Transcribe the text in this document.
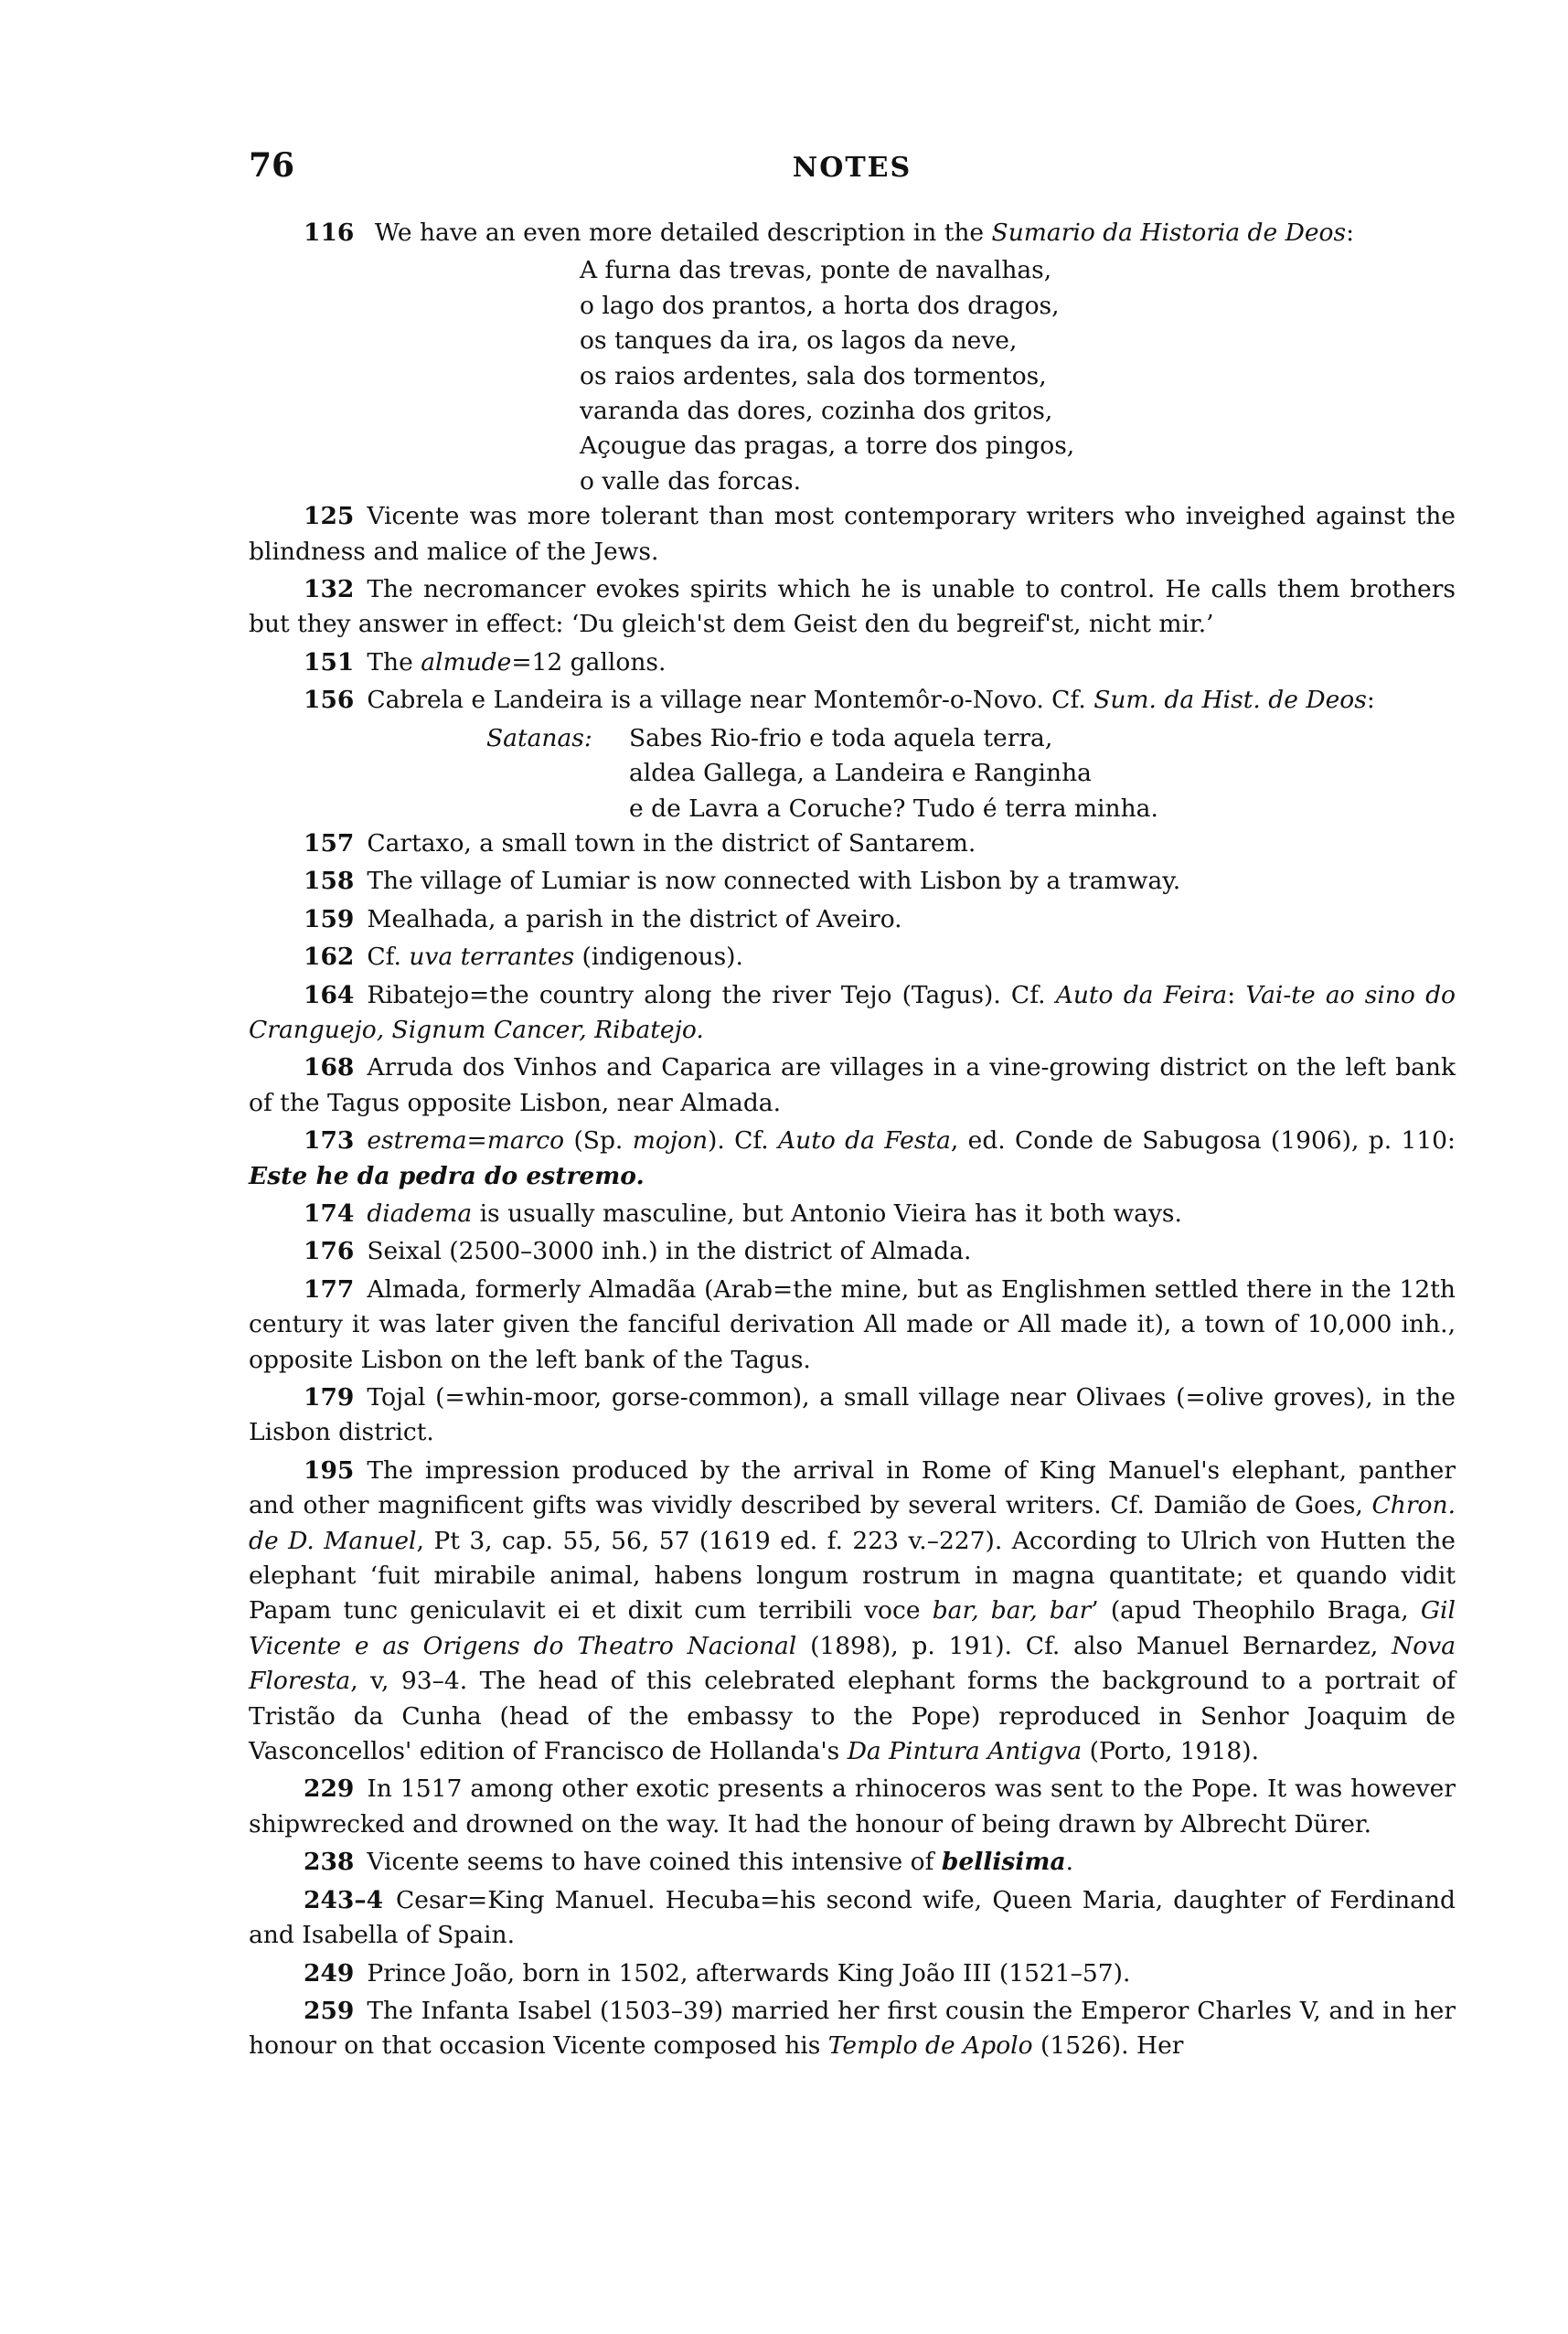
76	NOTES

116 We have an even more detailed description in the Sumario da Historia de Deos:

A furna das trevas, ponte de navalhas,
o lago dos prantos, a horta dos dragos,
os tanques da ira, os lagos da neve,
os raios ardentes, sala dos tormentos,
varanda das dores, cozinha dos gritos,
Açougue das pragas, a torre dos pingos,
o valle das forcas.

125 Vicente was more tolerant than most contemporary writers who inveighed against the blindness and malice of the Jews.

132 The necromancer evokes spirits which he is unable to control. He calls them brothers but they answer in effect: ‘Du gleich'st dem Geist den du begreif'st, nicht mir.’

151 The almude=12 gallons.

156 Cabrela e Landeira is a village near Montemôr-o-Novo. Cf. Sum. da Hist. de Deos:

Satanas:	Sabes Rio-frio e toda aquela terra,
aldea Gallega, a Landeira e Ranginha
e de Lavra a Coruche? Tudo é terra minha.

157 Cartaxo, a small town in the district of Santarem.

158 The village of Lumiar is now connected with Lisbon by a tramway.

159 Mealhada, a parish in the district of Aveiro.

162 Cf. uva terrantes (indigenous).

164 Ribatejo=the country along the river Tejo (Tagus). Cf. Auto da Feira: Vai-te ao sino do Cranguejo, Signum Cancer, Ribatejo.

168 Arruda dos Vinhos and Caparica are villages in a vine-growing district on the left bank of the Tagus opposite Lisbon, near Almada.

173 estrema=marco (Sp. mojon). Cf. Auto da Festa, ed. Conde de Sabugosa (1906), p. 110: Este he da pedra do estremo.

174 diadema is usually masculine, but Antonio Vieira has it both ways.

176 Seixal (2500–3000 inh.) in the district of Almada.

177 Almada, formerly Almadãa (Arab=the mine, but as Englishmen settled there in the 12th century it was later given the fanciful derivation All made or All made it), a town of 10,000 inh., opposite Lisbon on the left bank of the Tagus.

179 Tojal (=whin-moor, gorse-common), a small village near Olivaes (=olive groves), in the Lisbon district.

195 The impression produced by the arrival in Rome of King Manuel's elephant, panther and other magnificent gifts was vividly described by several writers. Cf. Damião de Goes, Chron. de D. Manuel, Pt 3, cap. 55, 56, 57 (1619 ed. f. 223 v.–227). According to Ulrich von Hutten the elephant ‘fuit mirabile animal, habens longum rostrum in magna quantitate; et quando vidit Papam tunc geniculavit ei et dixit cum terribili voce bar, bar, bar’ (apud Theophilo Braga, Gil Vicente e as Origens do Theatro Nacional (1898), p. 191). Cf. also Manuel Bernardez, Nova Floresta, v, 93–4. The head of this celebrated elephant forms the background to a portrait of Tristão da Cunha (head of the embassy to the Pope) reproduced in Senhor Joaquim de Vasconcellos' edition of Francisco de Hollanda's Da Pintura Antigva (Porto, 1918).

229 In 1517 among other exotic presents a rhinoceros was sent to the Pope. It was however shipwrecked and drowned on the way. It had the honour of being drawn by Albrecht Dürer.

238 Vicente seems to have coined this intensive of bellisima.

243–4 Cesar=King Manuel. Hecuba=his second wife, Queen Maria, daughter of Ferdinand and Isabella of Spain.

249 Prince João, born in 1502, afterwards King João III (1521–57).

259 The Infanta Isabel (1503–39) married her first cousin the Emperor Charles V, and in her honour on that occasion Vicente composed his Templo de Apolo (1526). Her
